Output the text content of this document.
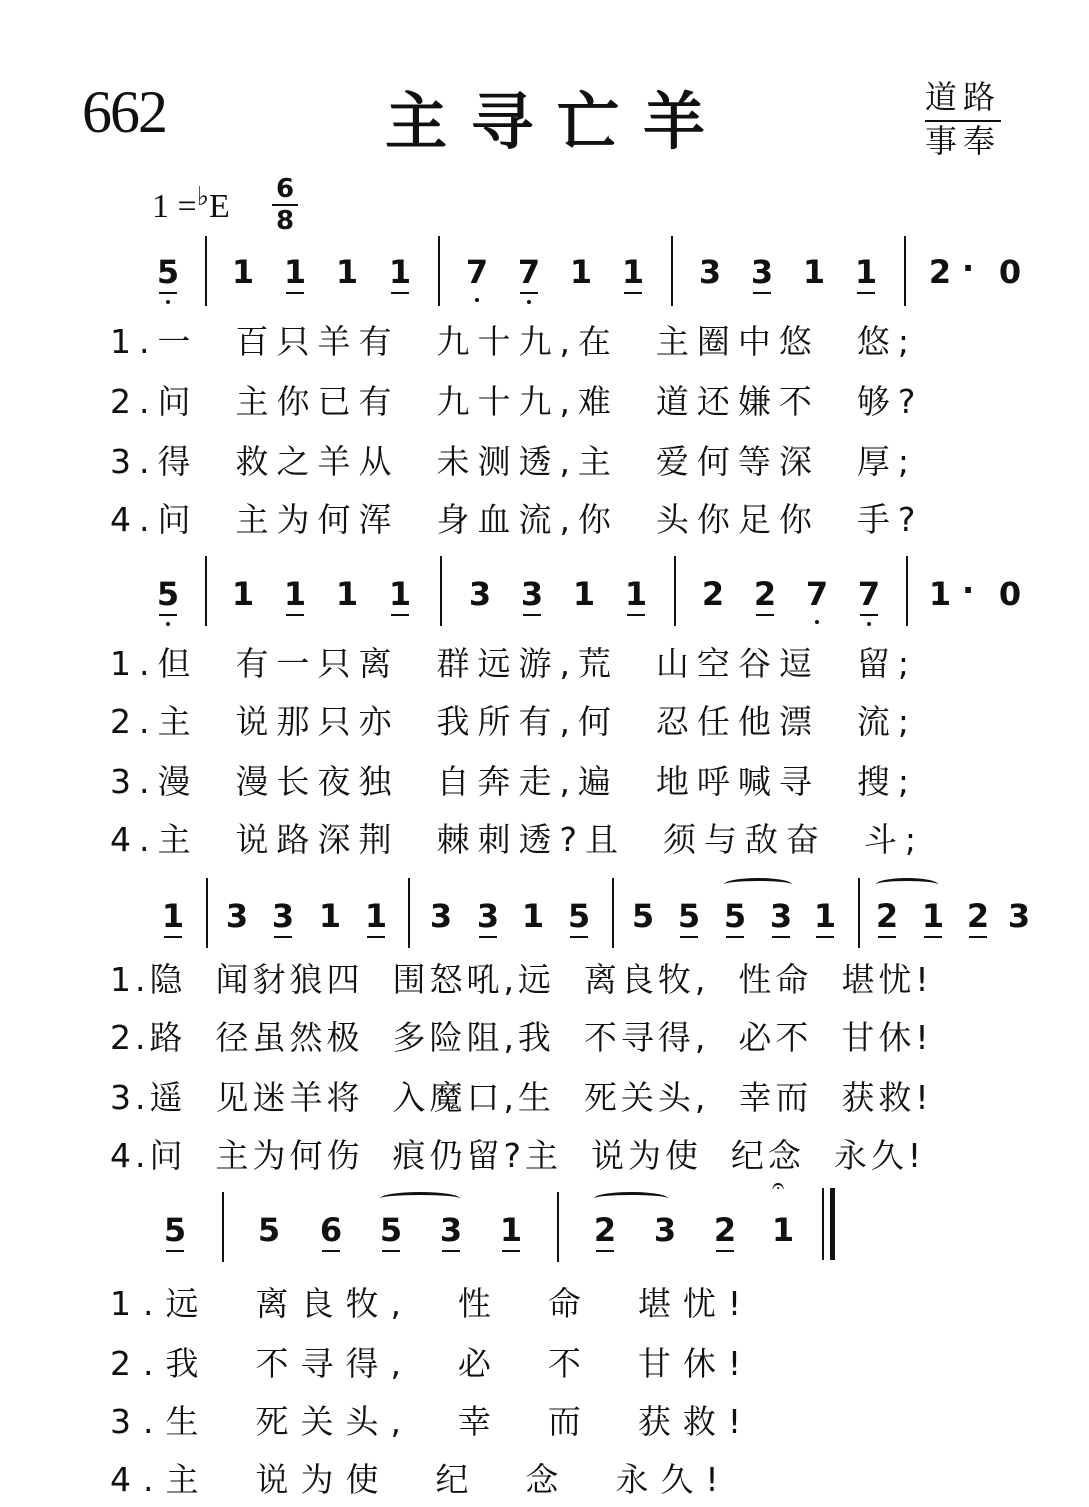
662	主寻亡羊	道路
事奉
1 =♭E 6
8
5 1 1 1 1 7 7 1 1 3 3 1 1 2 · 0
1.一  百只羊有  九十九,在  主圈中悠  悠;
2.问  主你已有  九十九,难  道还嫌不  够?
3.得  救之羊从  未测透,主  爱何等深  厚;
4.问  主为何浑  身血流,你  头你足你  手?
5 1 1 1 1 3 3 1 1 2 2 7 7 1 · 0
1.但  有一只离  群远游,荒  山空谷逗  留;
2.主  说那只亦  我所有,何  忍任他漂  流;
3.漫  漫长夜独  自奔走,遍  地呼喊寻  搜;
4.主  说路深荆  棘刺透?且  须与敌奋  斗;
1 3 3 1 1 3 3 1 5 5 5 5 3 1 2 1 2 3
1.隐  闻豺狼四  围怒吼,远  离良牧,  性命  堪忧!
2.路  径虽然极  多险阻,我  不寻得,  必不  甘休!
3.遥  见迷羊将  入魔口,生  死关头,  幸而  获救!
4.问  主为何伤  痕仍留?主  说为使  纪念  永久!
5 5 6 5 3 1 2 3 2 1
𝄐
1.远  离良牧,  性  命  堪忧!
2.我  不寻得,  必  不  甘休!
3.生  死关头,  幸  而  获救!
4.主  说为使  纪  念  永久!
